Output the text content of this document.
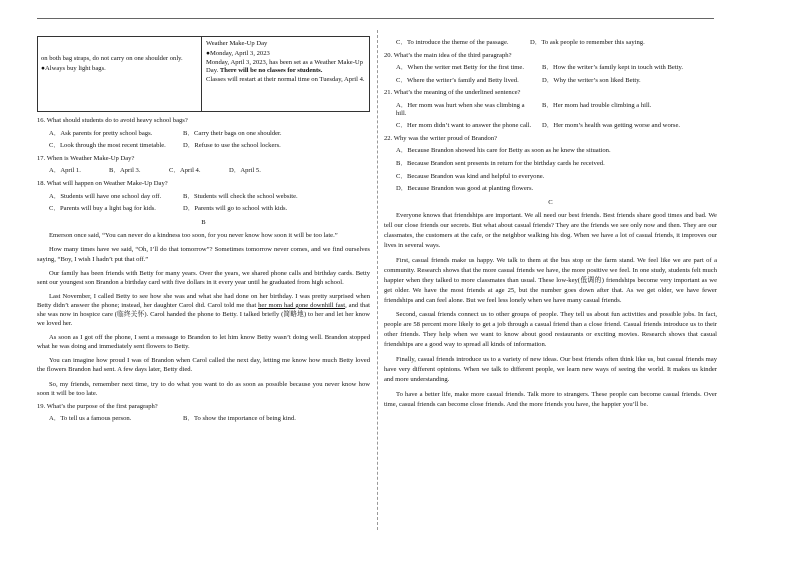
on both bag straps, do not carry on one shoulder only.

●Always buy light bags.

Weather Make-Up Day

●Monday, April 3, 2023

Monday, April 3, 2023, has been set as a Weather Make-Up Day. There will be no classes for students.

Classes will restart at their normal time on Tuesday, April 4.

16. What should students do to avoid heavy school bags?

A．Ask parents for pretty school bags.	B．Carry their bags on one shoulder.
C．Look through the most recent timetable.	D．Refuse to use the school lockers.

17. When is Weather Make-Up Day?

A．April 1.	B．April 3.	C．April 4.	D．April 5.

18. What will happen on Weather Make-Up Day?

A．Students will have one school day off.	B．Students will check the school website.
C．Parents will buy a light bag for kids.	D．Parents will go to school with kids.
B

Emerson once said, “You can never do a kindness too soon, for you never know how soon it will be too late.”

How many times have we said, “Oh, I’ll do that tomorrow”? Sometimes tomorrow never comes, and we find ourselves saying, “Boy, I wish I hadn’t put that off.”

Our family has been friends with Betty for many years. Over the years, we shared phone calls and birthday cards. Betty sent our youngest son Brandon a birthday card with five dollars in it every year until he graduated from high school.

Last November, I called Betty to see how she was and what she had done on her birthday. I was pretty surprised when Betty didn’t answer the phone; instead, her daughter Carol did. Carol told me that her mom had gone downhill fast, and that she was now in hospice care (临终关怀). Carol handed the phone to Betty. I talked briefly (简略地) to her and let her know we loved her.

As soon as I got off the phone, I sent a message to Brandon to let him know Betty wasn’t doing well. Brandon stopped what he was doing and immediately sent flowers to Betty.

You can imagine how proud I was of Brandon when Carol called the next day, letting me know how much Betty loved the flowers Brandon had sent. A few days later, Betty died.

So, my friends, remember next time, try to do what you want to do as soon as possible because you never know how soon it will be too late.

19. What’s the purpose of the first paragraph?

A．To tell us a famous person.	B．To show the importance of being kind.
C．To introduce the theme of the passage.	D．To ask people to remember this saying.

20. What’s the main idea of the third paragraph?

A．When the writer met Betty for the first time.	B．How the writer’s family kept in touch with Betty.
C．Where the writer’s family and Betty lived.	D．Why the writer’s son liked Betty.

21. What’s the meaning of the underlined sentence?

A．Her mom was hurt when she was climbing a hill.
B．Her mom had trouble climbing a hill.
C．Her mom didn’t want to answer the phone call.	D．Her mom’s health was getting worse and worse.

22. Why was the writer proud of Brandon?

A．Because Brandon showed his care for Betty as soon as he knew the situation.
B．Because Brandon sent presents in return for the birthday cards he received.
C．Because Brandon was kind and helpful to everyone.
D．Because Brandon was good at planting flowers.
C

Everyone knows that friendships are important. We all need our best friends. Best friends share good times and bad. We tell our close friends our secrets. But what about casual friends? They are the friends we see only now and then. They are our classmates, the customers at the cafe, or the neighbor walking his dog. When we have a lot of casual friends, it improves our lives in several ways.

First, casual friends make us happy. We talk to them at the bus stop or the farm stand. We feel like we are part of a community. Research shows that the more casual friends we have, the more positive we feel. In one study, students felt much happier when they talked to more classmates than usual. These low-key(低调的) friendships become very important as we get older. We have the most friends at age 25, but the number goes down after that. As we get older, we have fewer friendships and can feel alone. But we feel less lonely when we have many casual friends.

Second, casual friends connect us to other groups of people. They tell us about fun activities and possible jobs. In fact, people are 58 percent more likely to get a job through a casual friend than a close friend. Casual friends introduce us to their other friends. They help when we want to know about good restaurants or exciting movies. Research shows that casual friendships are a good way to spread all kinds of information.

Finally, casual friends introduce us to a variety of new ideas. Our best friends often think like us, but casual friends may have very different opinions. When we talk to different people, we learn new ways of seeing the world. It makes us kinder and more understanding.

To have a better life, make more casual friends. Talk more to strangers. These people can become casual friends. Over time, casual friends can become close friends. And the more friends you have, the happier you’ll be.
